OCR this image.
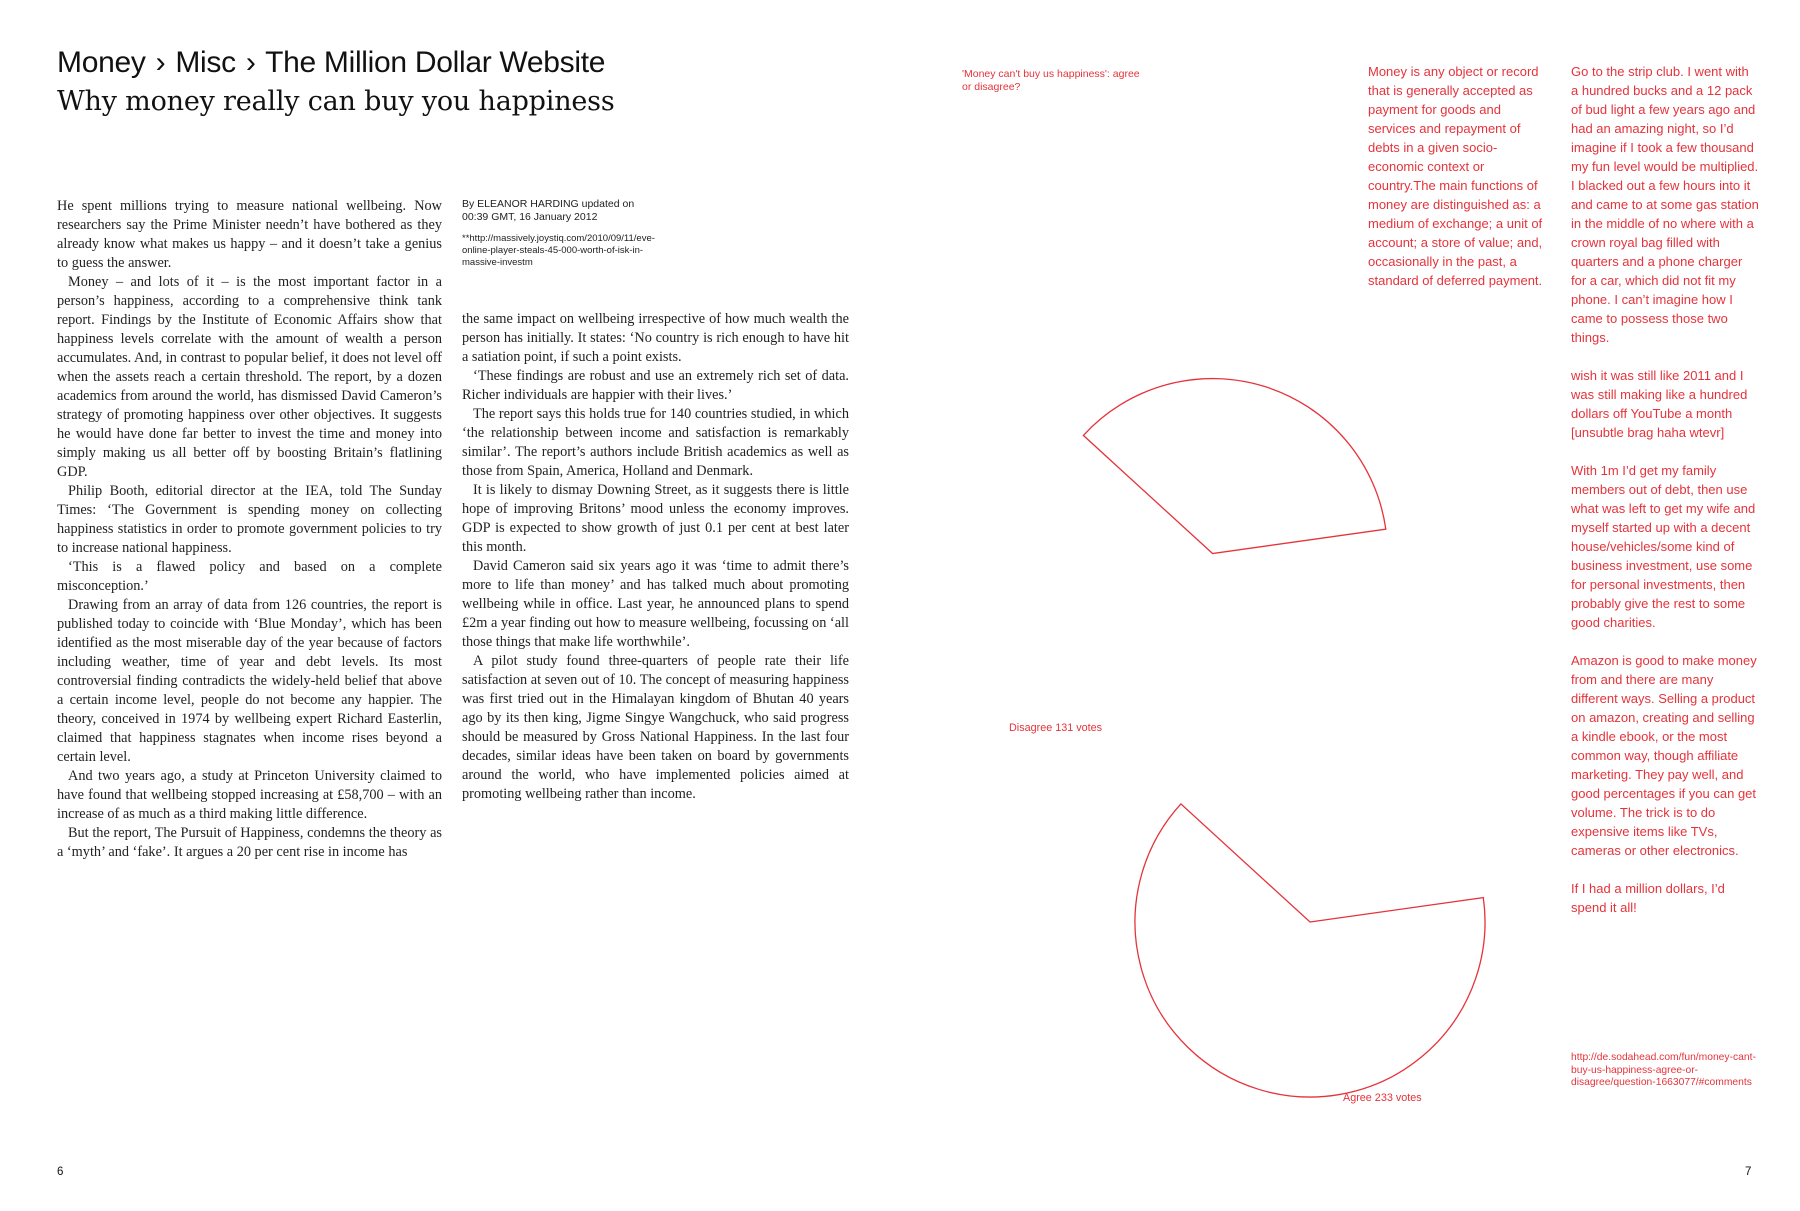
Money › Misc › The Million Dollar Website
Why money really can buy you happiness

He spent millions trying to measure national wellbeing. Now researchers say the Prime Minister needn’t have bothered as they already know what makes us happy – and it doesn’t take a genius to guess the answer.

Money – and lots of it – is the most important factor in a person’s happiness, according to a comprehensive think tank report. Findings by the Institute of Economic Affairs show that happiness levels correlate with the amount of wealth a person accumulates. And, in contrast to popular belief, it does not level off when the assets reach a certain threshold. The report, by a dozen academics from around the world, has dismissed David Cameron’s strategy of promoting happiness over other objectives. It suggests he would have done far better to invest the time and money into simply making us all better off by boosting Britain’s flatlining GDP.

Philip Booth, editorial director at the IEA, told The Sunday Times: ‘The Government is spending money on collecting happiness statistics in order to promote government policies to try to increase national happiness.

‘This is a flawed policy and based on a complete misconception.’

Drawing from an array of data from 126 countries, the report is published today to coincide with ‘Blue Monday’, which has been identified as the most miserable day of the year because of factors including weather, time of year and debt levels. Its most controversial finding contradicts the widely-held belief that above a certain income level, people do not become any happier. The theory, conceived in 1974 by wellbeing expert Richard Easterlin, claimed that happiness stagnates when income rises beyond a certain level.

And two years ago, a study at Princeton University claimed to have found that wellbeing stopped increasing at £58,700 – with an increase of as much as a third making little difference.

But the report, The Pursuit of Happiness, condemns the theory as a ‘myth’ and ‘fake’. It argues a 20 per cent rise in income has

By ELEANOR HARDING updated on 00:39 GMT, 16 January 2012
**http://massively.joystiq.com/2010/09/11/eve-online-player-steals-45-000-worth-of-isk-in-massive-investm

the same impact on wellbeing irrespective of how much wealth the person has initially. It states: ‘No country is rich enough to have hit a satiation point, if such a point exists.

‘These findings are robust and use an extremely rich set of data. Richer individuals are happier with their lives.’

The report says this holds true for 140 countries studied, in which ‘the relationship between income and satisfaction is remarkably similar’. The report’s authors include British academics as well as those from Spain, America, Holland and Denmark.

It is likely to dismay Downing Street, as it suggests there is little hope of improving Britons’ mood unless the economy improves. GDP is expected to show growth of just 0.1 per cent at best later this month.

David Cameron said six years ago it was ‘time to admit there’s more to life than money’ and has talked much about promoting wellbeing while in office. Last year, he announced plans to spend £2m a year finding out how to measure wellbeing, focussing on ‘all those things that make life worthwhile’.

A pilot study found three-quarters of people rate their life satisfaction at seven out of 10. The concept of measuring happiness was first tried out in the Himalayan kingdom of Bhutan 40 years ago by its then king, Jigme Singye Wangchuck, who said progress should be measured by Gross National Happiness. In the last four decades, similar ideas have been taken on board by governments around the world, who have implemented policies aimed at promoting wellbeing rather than income.

'Money can't buy us happiness': agree or disagree?
Disagree 131 votes
Agree 233 votes
Money is any object or record that is generally accepted as payment for goods and services and repayment of debts in a given socio-economic context or country.The main functions of money are distinguished as: a medium of exchange; a unit of account; a store of value; and, occasionally in the past, a standard of deferred payment.

Go to the strip club. I went with a hundred bucks and a 12 pack of bud light a few years ago and had an amazing night, so I’d imagine if I took a few thousand my fun level would be multiplied.
I blacked out a few hours into it and came to at some gas station in the middle of no where with a crown royal bag filled with quarters and a phone charger for a car, which did not fit my phone. I can’t imagine how I came to possess those two things.

wish it was still like 2011 and I was still making like a hundred dollars off YouTube a month [unsubtle brag haha wtevr]

With 1m I’d get my family members out of debt, then use what was left to get my wife and myself started up with a decent house/vehicles/some kind of business investment, use some for personal investments, then probably give the rest to some good charities.

Amazon is good to make money from and there are many different ways. Selling a product on amazon, creating and selling a kindle ebook, or the most common way, though affiliate marketing. They pay well, and good percentages if you can get volume. The trick is to do expensive items like TVs, cameras or other electronics.

If I had a million dollars, I’d spend it all!

http://de.sodahead.com/fun/money-cant-buy-us-happiness-agree-or-disagree/question-1663077/#comments
6	7
